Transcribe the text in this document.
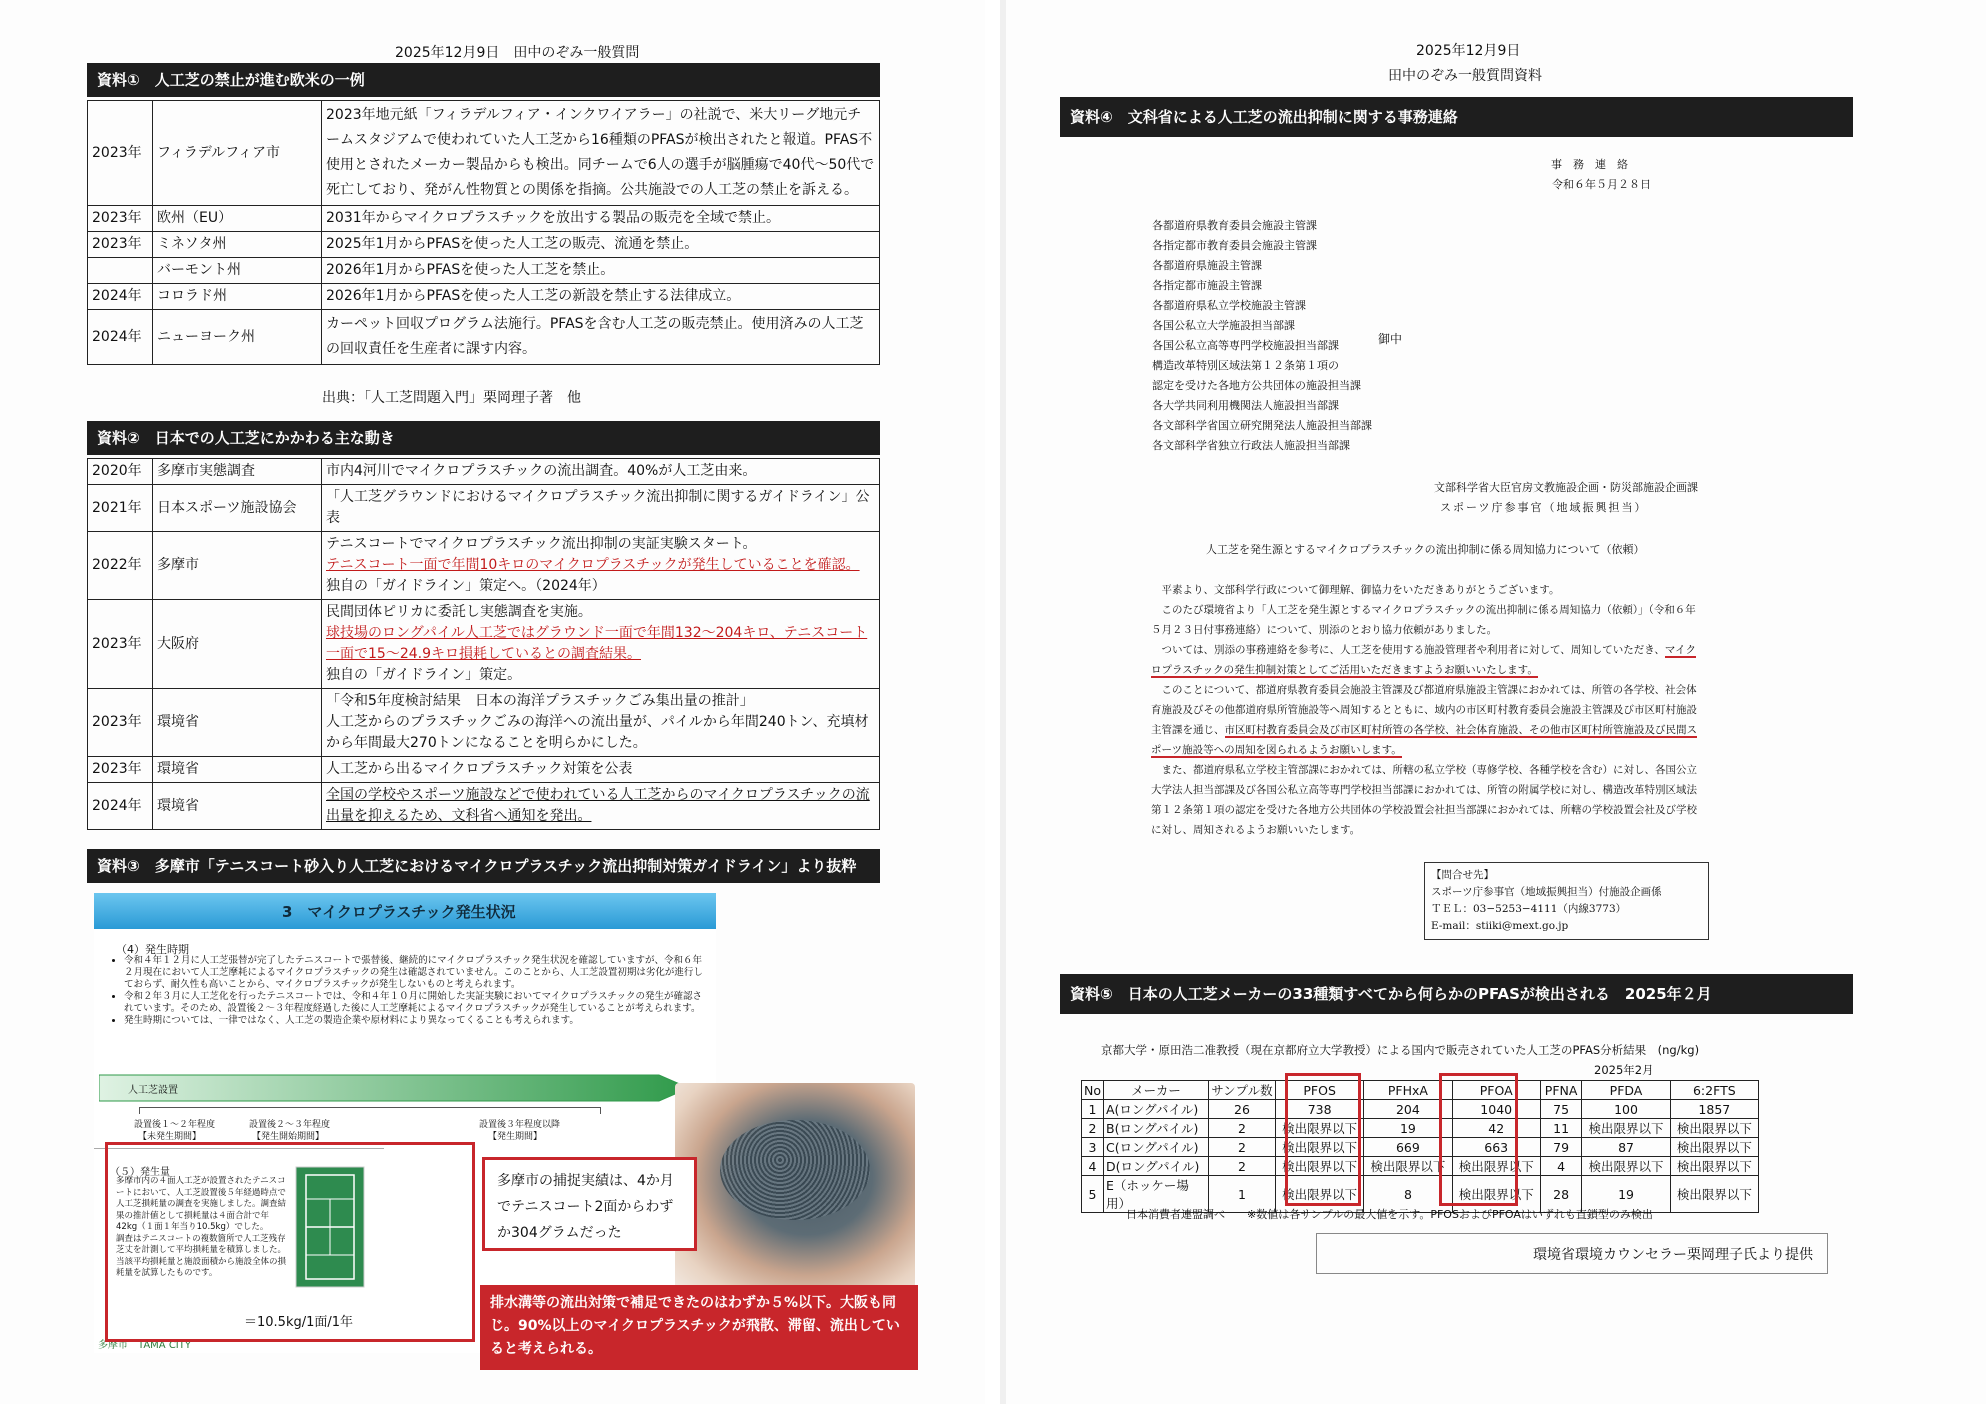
2025年12月9日　田中のぞみ一般質問
資料①　人工芝の禁止が進む欧米の一例
2023年	フィラデルフィア市	2023年地元紙「フィラデルフィア・インクワイアラー」の社説で、米大リーグ地元チームスタジアムで使われていた人工芝から16種類のPFASが検出されたと報道。PFAS不使用とされたメーカー製品からも検出。同チームで6人の選手が脳腫瘍で40代〜50代で死亡しており、発がん性物質との関係を指摘。公共施設での人工芝の禁止を訴える。
2023年	欧州（EU）	2031年からマイクロプラスチックを放出する製品の販売を全域で禁止。
2023年	ミネソタ州	2025年1月からPFASを使った人工芝の販売、流通を禁止。
	バーモント州	2026年1月からPFASを使った人工芝を禁止。
2024年	コロラド州	2026年1月からPFASを使った人工芝の新設を禁止する法律成立。
2024年	ニューヨーク州	カーペット回収プログラム法施行。PFASを含む人工芝の販売禁止。使用済みの人工芝の回収責任を生産者に課す内容。
出典：「人工芝問題入門」栗岡理子著　他
資料②　日本での人工芝にかかわる主な動き
2020年	多摩市実態調査	市内4河川でマイクロプラスチックの流出調査。40%が人工芝由来。
2021年	日本スポーツ施設協会	「人工芝グラウンドにおけるマイクロプラスチック流出抑制に関するガイドライン」公表
2022年	多摩市	テニスコートでマイクロプラスチック流出抑制の実証実験スタート。
テニスコート一面で年間10キロのマイクロプラスチックが発生していることを確認。
独自の「ガイドライン」策定へ。（2024年）

2023年	大阪府	民間団体ピリカに委託し実態調査を実施。
球技場のロングパイル人工芝ではグラウンド一面で年間132〜204キロ、テニスコート一面で15〜24.9キロ損耗しているとの調査結果。
独自の「ガイドライン」策定。

2023年	環境省	「令和5年度検討結果　日本の海洋プラスチックごみ集出量の推計」
人工芝からのプラスチックごみの海洋への流出量が、パイルから年間240トン、充填材から年間最大270トンになることを明らかにした。

2023年	環境省	人工芝から出るマイクロプラスチック対策を公表
2024年	環境省	全国の学校やスポーツ施設などで使われている人工芝からのマイクロプラスチックの流出量を抑えるため、文科省へ通知を発出。
資料③　多摩市「テニスコート砂入り人工芝におけるマイクロプラスチック流出抑制対策ガイドライン」より抜粋
3　マイクロプラスチック発生状況
（4）発生時期
• 令和４年１２月に人工芝張替が完了したテニスコートで張替後、継続的にマイクロプラスチック発生状況を確認していますが、令和６年２月現在において人工芝摩耗によるマイクロプラスチックの発生は確認されていません。このことから、人工芝設置初期は劣化が進行しておらず、耐久性も高いことから、マイクロプラスチックが発生しないものと考えられます。
• 令和２年３月に人工芝化を行ったテニスコートでは、令和４年１０月に開始した実証実験においてマイクロプラスチックの発生が確認されています。そのため、設置後２〜３年程度経過した後に人工芝摩耗によるマイクロプラスチックが発生していることが考えられます。
• 発生時期については、一律ではなく、人工芝の製造企業や原材料により異なってくることも考えられます。
人工芝設置
設置後１〜２年程度
【未発生期間】
設置後２〜３年程度
【発生開始期間】
設置後３年程度以降
【発生期間】
（５）発生量
• 多摩市内の４面人工芝が設置されたテニスコートにおいて、人工芝設置後５年経過時点で人工芝損耗量の調査を実施しました。調査結果の推計値として損耗量は４面合計で年42kg（１面１年当り10.5kg）でした。
• 調査はテニスコートの複数箇所で人工芝残存芝丈を計測して平均損耗量を積算しました。当該平均損耗量と施設面積から施設全体の損耗量を試算したものです。
＝10.5kg/1面/1年
多摩市　TAMA CITY
多摩市の捕捉実績は、4か月でテニスコート2面からわずか304グラムだった
排水溝等の流出対策で補足できたのはわずか５%以下。大阪も同じ。90%以上のマイクロプラスチックが飛散、滞留、流出していると考えられる。
2025年12月9日
田中のぞみ一般質問資料
資料④　文科省による人工芝の流出抑制に関する事務連絡
事　務　連　絡
令和６年５月２８日
各都道府県教育委員会施設主管課
各指定都市教育委員会施設主管課
各都道府県施設主管課
各指定都市施設主管課
各都道府県私立学校施設主管課
各国公私立大学施設担当部課
各国公私立高等専門学校施設担当部課
構造改革特別区域法第１２条第１項の
認定を受けた各地方公共団体の施設担当課
各大学共同利用機関法人施設担当部課
各文部科学省国立研究開発法人施設担当部課
各文部科学省独立行政法人施設担当部課
御中
文部科学省大臣官房文教施設企画・防災部施設企画課
スポーツ庁参事官（地域振興担当）
人工芝を発生源とするマイクロプラスチックの流出抑制に係る周知協力について（依頼）
平素より、文部科学行政について御理解、御協力をいただきありがとうございます。
このたび環境省より「人工芝を発生源とするマイクロプラスチックの流出抑制に係る周知協力（依頼）」（令和６年５月２３日付事務連絡）について、別添のとおり協力依頼がありました。
ついては、別添の事務連絡を参考に、人工芝を使用する施設管理者や利用者に対して、周知していただき、マイクロプラスチックの発生抑制対策としてご活用いただきますようお願いいたします。
このことについて、都道府県教育委員会施設主管課及び都道府県施設主管課におかれては、所管の各学校、社会体育施設及びその他都道府県所管施設等へ周知するとともに、域内の市区町村教育委員会施設主管課及び市区町村施設主管課を通じ、市区町村教育委員会及び市区町村所管の各学校、社会体育施設、その他市区町村所管施設及び民間スポーツ施設等への周知を図られるようお願いします。
また、都道府県私立学校主管部課におかれては、所轄の私立学校（専修学校、各種学校を含む）に対し、各国公立大学法人担当部課及び各国公私立高等専門学校担当部課におかれては、所管の附属学校に対し、構造改革特別区域法第１２条第１項の認定を受けた各地方公共団体の学校設置会社担当部課におかれては、所轄の学校設置会社及び学校に対し、周知されるようお願いいたします。
【問合せ先】
スポーツ庁参事官（地域振興担当）付施設企画係
ＴＥＬ：03−5253−4111（内線3773）
E-mail：stiiki@mext.go.jp
資料⑤　日本の人工芝メーカーの33種類すべてから何らかのPFASが検出される　2025年２月
京都大学・原田浩二准教授（現在京都府立大学教授）による国内で販売されていた人工芝のPFAS分析結果　(ng/kg)
2025年2月
No	メーカー	サンプル数	PFOS	PFHxA	PFOA	PFNA	PFDA	6:2FTS
1	A(ロングパイル)	26	738	204	1040	75	100	1857
2	B(ロングパイル)	2	検出限界以下	19	42	11	検出限界以下	検出限界以下
3	C(ロングパイル)	2	検出限界以下	669	663	79	87	検出限界以下
4	D(ロングパイル)	2	検出限界以下	検出限界以下	検出限界以下	4	検出限界以下	検出限界以下
5	E（ホッケー場用）	1	検出限界以下	8	検出限界以下	28	19	検出限界以下
日本消費者連盟調べ　　※数値は各サンプルの最大値を示す。PFOSおよびPFOAはいずれも直鎖型のみ検出
環境省環境カウンセラー栗岡理子氏より提供
